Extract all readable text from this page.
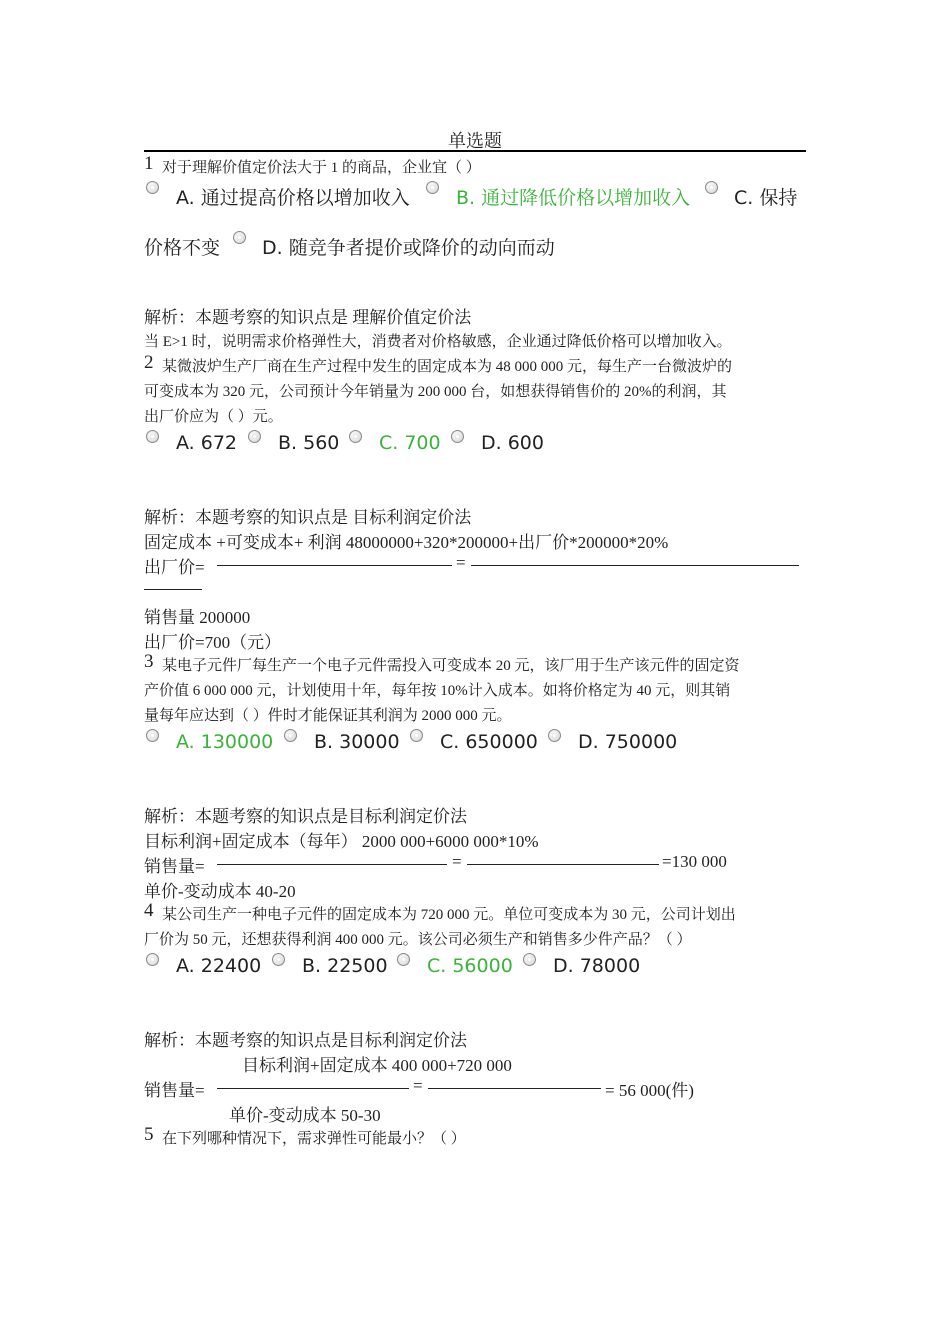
单选题
1 对于理解价值定价法大于 1 的商品，企业宜（ ）
A. 通过提高价格以增加收入 B. 通过降低价格以增加收入 C. 保持
价格不变 D. 随竞争者提价或降价的动向而动
解析：本题考察的知识点是 理解价值定价法
当 E>1 时，说明需求价格弹性大，消费者对价格敏感，企业通过降低价格可以增加收入。
2 某微波炉生产厂商在生产过程中发生的固定成本为 48 000 000 元，每生产一台微波炉的
可变成本为 320 元，公司预计今年销量为 200 000 台，如想获得销售价的 20%的利润，其
出厂价应为（ ）元。
A. 672 B. 560 C. 700 D. 600
解析：本题考察的知识点是 目标利润定价法
固定成本 +可变成本+ 利润 48000000+320*200000+出厂价*200000*20%
出厂价=	=
销售量 200000
出厂价=700（元）
3 某电子元件厂每生产一个电子元件需投入可变成本 20 元，该厂用于生产该元件的固定资
产价值 6 000 000 元，计划使用十年，每年按 10%计入成本。如将价格定为 40 元，则其销
量每年应达到（ ）件时才能保证其利润为 2000 000 元。
A. 130000 B. 30000 C. 650000 D. 750000
解析：本题考察的知识点是目标利润定价法
目标利润+固定成本（每年） 2000 000+6000 000*10%
销售量=	=	=130 000
单价-变动成本 40-20
4 某公司生产一种电子元件的固定成本为 720 000 元。单位可变成本为 30 元，公司计划出
厂价为 50 元，还想获得利润 400 000 元。该公司必须生产和销售多少件产品？（ ）
A. 22400 B. 22500 C. 56000 D. 78000
解析：本题考察的知识点是目标利润定价法
目标利润+固定成本 400 000+720 000
销售量=	=	= 56 000(件)
单价-变动成本 50-30
5 在下列哪种情况下，需求弹性可能最小？（ ）
